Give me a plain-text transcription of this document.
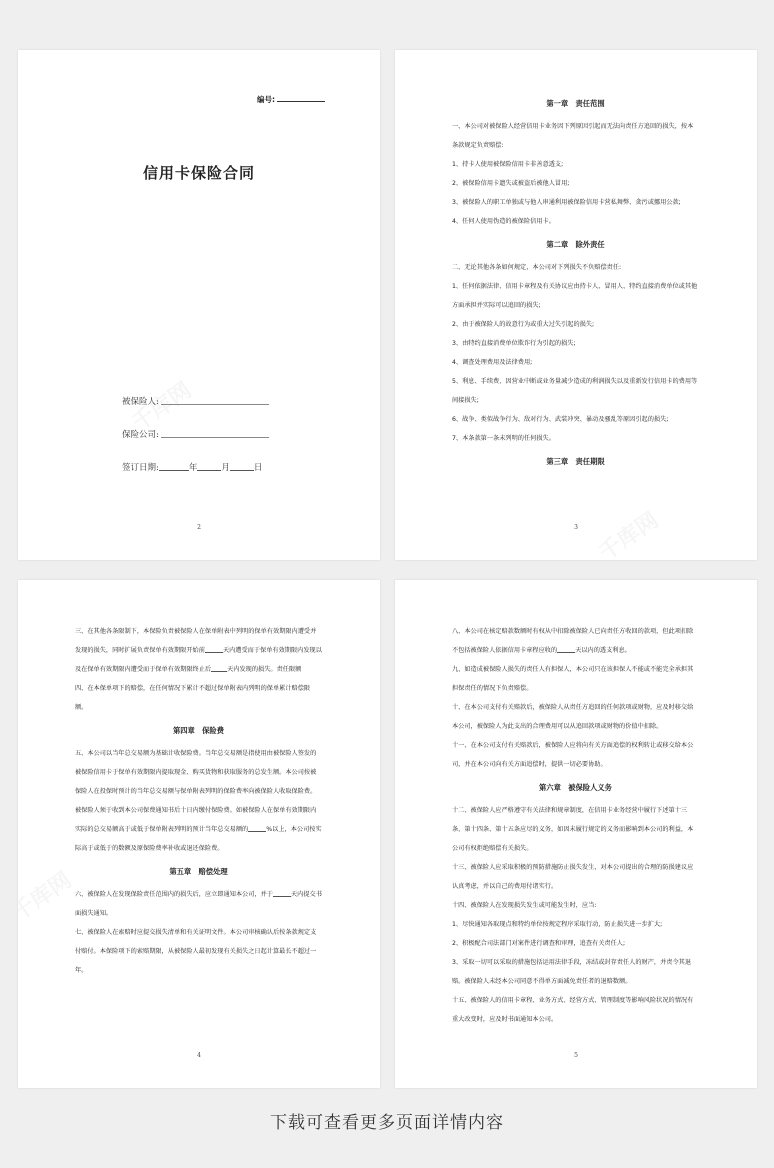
编号:
信用卡保险合同
被保险人:
保险公司:
签订日期:	年	月	日
2

第一章　责任范围

一、本公司对被保险人经营信用卡业务因下列原因引起而无法向责任方追回的损失，按本条款规定负责赔偿:

1、持卡人使用被保险信用卡非善意透支;

2、被保险信用卡遗失或被盗后被他人冒用;

3、被保险人的职工单独或与他人串通利用被保险信用卡营私舞弊、贪污或挪用公款;

4、任何人使用伪造的被保险信用卡。

第二章　除外责任

二、无论其他各条如何规定，本公司对下列损失不负赔偿责任:

1、任何依据法律、信用卡章程及有关协议应由持卡人、冒用人、特约直接消费单位或其他方面承担并实际可以追回的损失;

2、由于被保险人的故意行为或重大过失引起的损失;

3、由特约直接消费单位欺诈行为引起的损失;

4、调查处理费用及法律费用;

5、利息、手续费、因营业中断或业务量减少造成的利润损失以及重新发行信用卡的费用等间接损失;

6、战争、类似战争行为、敌对行为、武装冲突、暴动及骚乱等原因引起的损失;

7、本条款第一条未列明的任何损失。

第三章　责任期限

3

三、在其他各条限制下，本保险负责被保险人在保单附表中列明的保单有效期限内遭受并发现的损失，同时扩展负责保单有效期限开始前	天内遭受而于保单有效期限内发现以及在保单有效期限内遭受而于保单有效期限终止后	天内发现的损失。责任限额

四、在本保单项下的赔偿，在任何情况下累计不超过保单附表内列明的保单累计赔偿限额。

第四章　保险费

五、本公司以当年总交易额为基础计收保险费。当年总交易额是指使用由被保险人签发的被保险信用卡于保单有效期限内提取现金、购买货物和获取服务的总发生额。本公司按被保险人在投保时预计的当年总交易额与保单附表列明的保险费率向被保险人收取保险费。被保险人须于收到本公司保费通知书后十日内缴付保险费。如被保险人在保单有效期限内实际的总交易额高于或低于保单附表列明的预计当年总交易额的	%以上，本公司按实际高于或低于的数额及原保险费率补收或退还保险费。

第五章　赔偿处理

六、被保险人在发现保险责任范围内的损失后，应立即通知本公司，并于	天内提交书面损失通知。

七、被保险人在索赔时应提交损失清单和有关证明文件。本公司审核确认后按条款规定支付赔付。本保险项下的索赔期限，从被保险人最初发现有关损失之日起计算最长不超过一年。

4

八、本公司在核定赔款数额时有权从中扣除被保险人已向责任方收回的款项，但此项扣除不包括被保险人依据信用卡章程应收的	天以内的透支利息。

九、如造成被保险人损失的责任人有担保人，本公司只在该担保人不能或不能完全承担其担保责任的情况下负责赔偿。

十、在本公司支付有关赔款后，被保险人从责任方追回的任何款项或财物，应及时移交给本公司，被保险人为此支出的合理费用可以从追回款项或财物的价值中扣除。

十一、在本公司支付有关赔款后，被保险人应将向有关方面追偿的权利转让或移交给本公司，并在本公司向有关方面追偿时，提供一切必要协助。

第六章　被保险人义务

十二、被保险人应严格遵守有关法律和规章制度，在信用卡业务经营中履行下述第十三条、第十四条、第十五条应尽的义务，如因未履行规定的义务而影响到本公司的利益，本公司有权拒绝赔偿有关损失。

十三、被保险人应采取积极的预防措施防止损失发生，对本公司提出的合理的防损建议应认真考虑，并以自己的费用付诸实行。

十四、被保险人在发现损失发生或可能发生时，应当:

1、尽快通知各取现点和特约单位按规定程序采取行动，防止损失进一步扩大;

2、积极配合司法部门对案件进行调查和审理，追查有关责任人;

3、采取一切可以采取的措施包括运用法律手段，冻结或封存责任人的财产，并责令其退赔。被保险人未经本公司同意不得单方面减免责任者的退赔数额。

十五、被保险人的信用卡章程、业务方式、经营方式、管理制度等影响风险状况的情况有重大改变时，应及时书面通知本公司。

5
下载可查看更多页面详情内容
